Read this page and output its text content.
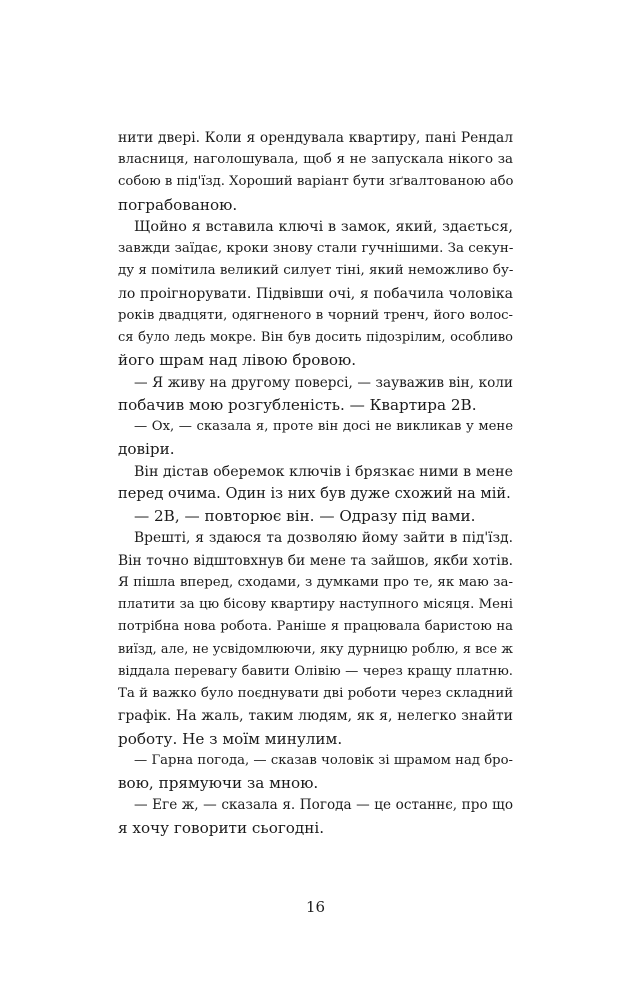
нити двері. Коли я орендувала квартиру, пані Рендал
власниця, наголошувала, щоб я не запускала нікого за
собою в під'їзд. Хороший варіант бути зґвалтованою або
пограбованою.
Щойно я вставила ключі в замок, який, здається,
завжди заїдає, кроки знову стали гучнішими. За секун-
ду я помітила великий силует тіні, який неможливо бу-
ло проігнорувати. Підвівши очі, я побачила чоловіка
років двадцяти, одягненого в чорний тренч, його волос-
ся було ледь мокре. Він був досить підозрілим, особливо
його шрам над лівою бровою.
— Я живу на другому поверсі, — зауважив він, коли
побачив мою розгубленість. — Квартира 2В.
— Ох, — сказала я, проте він досі не викликав у мене
довіри.
Він дістав оберемок ключів і брязкає ними в мене
перед очима. Один із них був дуже схожий на мій.
— 2В, — повторює він. — Одразу під вами.
Врешті, я здаюся та дозволяю йому зайти в під'їзд.
Він точно відштовхнув би мене та зайшов, якби хотів.
Я пішла вперед, сходами, з думками про те, як маю за-
платити за цю бісову квартиру наступного місяця. Мені
потрібна нова робота. Раніше я працювала баристою на
виїзд, але, не усвідомлюючи, яку дурницю роблю, я все ж
віддала перевагу бавити Олівію — через кращу платню.
Та й важко було поєднувати дві роботи через складний
графік. На жаль, таким людям, як я, нелегко знайти
роботу. Не з моїм минулим.
— Гарна погода, — сказав чоловік зі шрамом над бро-
вою, прямуючи за мною.
— Еге ж, — сказала я. Погода — це останнє, про що
я хочу говорити сьогодні.
16
